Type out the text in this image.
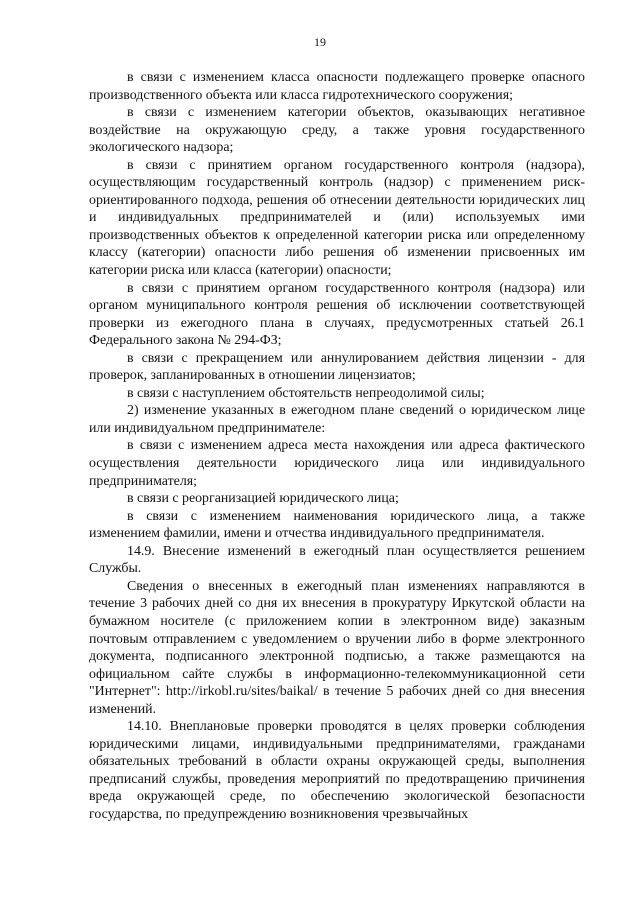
19

в связи с изменением класса опасности подлежащего проверке опасного производственного объекта или класса гидротехнического сооружения;

в связи с изменением категории объектов, оказывающих негативное воздействие на окружающую среду, а также уровня государственного экологического надзора;

в связи с принятием органом государственного контроля (надзора), осуществляющим государственный контроль (надзор) с применением риск-ориентированного подхода, решения об отнесении деятельности юридических лиц и индивидуальных предпринимателей и (или) используемых ими производственных объектов к определенной категории риска или определенному классу (категории) опасности либо решения об изменении присвоенных им категории риска или класса (категории) опасности;

в связи с принятием органом государственного контроля (надзора) или органом муниципального контроля решения об исключении соответствующей проверки из ежегодного плана в случаях, предусмотренных статьей 26.1 Федерального закона № 294-ФЗ;

в связи с прекращением или аннулированием действия лицензии - для проверок, запланированных в отношении лицензиатов;

в связи с наступлением обстоятельств непреодолимой силы;

2) изменение указанных в ежегодном плане сведений о юридическом лице или индивидуальном предпринимателе:

в связи с изменением адреса места нахождения или адреса фактического осуществления деятельности юридического лица или индивидуального предпринимателя;

в связи с реорганизацией юридического лица;

в связи с изменением наименования юридического лица, а также изменением фамилии, имени и отчества индивидуального предпринимателя.

14.9. Внесение изменений в ежегодный план осуществляется решением Службы.

Сведения о внесенных в ежегодный план изменениях направляются в течение 3 рабочих дней со дня их внесения в прокуратуру Иркутской области на бумажном носителе (с приложением копии в электронном виде) заказным почтовым отправлением с уведомлением о вручении либо в форме электронного документа, подписанного электронной подписью, а также размещаются на официальном сайте службы в информационно-телекоммуникационной сети "Интернет": http://irkobl.ru/sites/baikal/ в течение 5 рабочих дней со дня внесения изменений.

14.10. Внеплановые проверки проводятся в целях проверки соблюдения юридическими лицами, индивидуальными предпринимателями, гражданами обязательных требований в области охраны окружающей среды, выполнения предписаний службы, проведения мероприятий по предотвращению причинения вреда окружающей среде, по обеспечению экологической безопасности государства, по предупреждению возникновения чрезвычайных
